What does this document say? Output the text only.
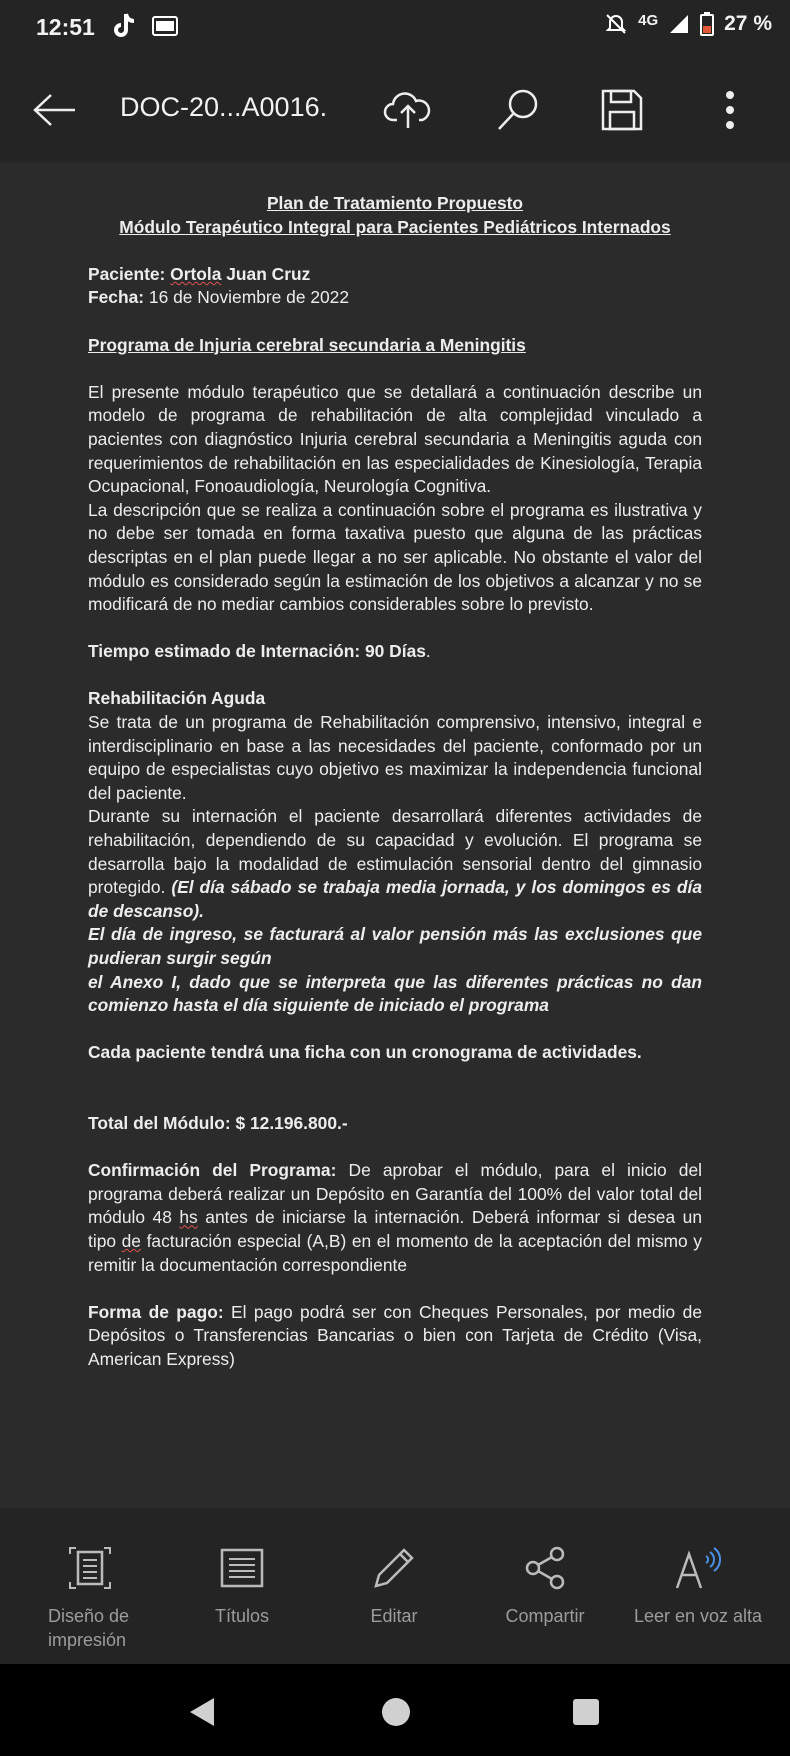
12:51	4G	27 %
DOC-20...A0016.

Plan de Tratamiento Propuesto

Módulo Terapéutico Integral para Pacientes Pediátricos Internados

Paciente: Ortola Juan Cruz

Fecha: 16 de Noviembre de 2022

Programa de Injuria cerebral secundaria a Meningitis

El presente módulo terapéutico que se detallará a continuación describe un modelo de programa de rehabilitación de alta complejidad vinculado a pacientes con diagnóstico Injuria cerebral secundaria a Meningitis aguda con requerimientos de rehabilitación en las especialidades de Kinesiología, Terapia Ocupacional, Fonoaudiología, Neurología Cognitiva.

La descripción que se realiza a continuación sobre el programa es ilustrativa y no debe ser tomada en forma taxativa puesto que alguna de las prácticas descriptas en el plan puede llegar a no ser aplicable. No obstante el valor del módulo es considerado según la estimación de los objetivos a alcanzar y no se modificará de no mediar cambios considerables sobre lo previsto.

Tiempo estimado de Internación: 90 Días.

Rehabilitación Aguda

Se trata de un programa de Rehabilitación comprensivo, intensivo, integral e interdisciplinario en base a las necesidades del paciente, conformado por un equipo de especialistas cuyo objetivo es maximizar la independencia funcional del paciente.

Durante su internación el paciente desarrollará diferentes actividades de rehabilitación, dependiendo de su capacidad y evolución. El programa se desarrolla bajo la modalidad de estimulación sensorial dentro del gimnasio protegido. (El día sábado se trabaja media jornada, y los domingos es día de descanso).

El día de ingreso, se facturará al valor pensión más las exclusiones que pudieran surgir según

el Anexo I, dado que se interpreta que las diferentes prácticas no dan comienzo hasta el día siguiente de iniciado el programa

Cada paciente tendrá una ficha con un cronograma de actividades.

Total del Módulo: $ 12.196.800.-

Confirmación del Programa: De aprobar el módulo, para el inicio del programa deberá realizar un Depósito en Garantía del 100% del valor total del módulo 48 hs antes de iniciarse la internación. Deberá informar si desea un tipo de facturación especial (A,B) en el momento de la aceptación del mismo y remitir la documentación correspondiente

Forma de pago: El pago podrá ser con Cheques Personales, por medio de Depósitos o Transferencias Bancarias o bien con Tarjeta de Crédito (Visa, American Express)

Diseño de impresión
Títulos	Editar	Compartir	Leer en voz alta
